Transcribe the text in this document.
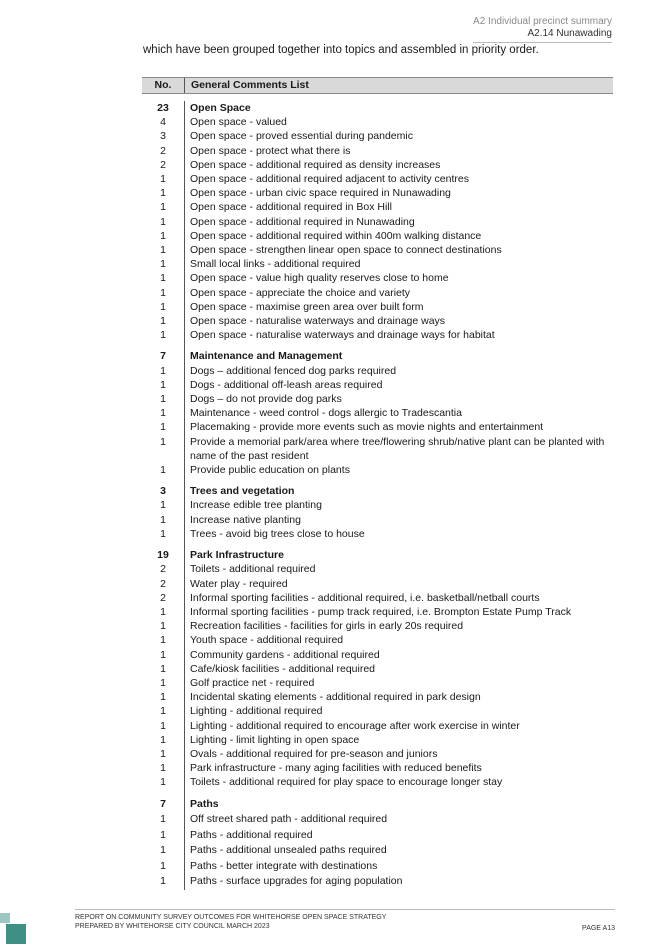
A2 Individual precinct summary
A2.14 Nunawading
which have been grouped together into topics and assembled in priority order.
No.	General Comments List
23	Open Space
4	Open space - valued
3	Open space - proved essential during pandemic
2	Open space - protect what there is
2	Open space - additional required as density increases
1	Open space - additional required adjacent to activity centres
1	Open space - urban civic space required in Nunawading
1	Open space - additional required in Box Hill
1	Open space - additional required in Nunawading
1	Open space - additional required within 400m walking distance
1	Open space - strengthen linear open space to connect destinations
1	Small local links - additional required
1	Open space - value high quality reserves close to home
1	Open space - appreciate the choice and variety
1	Open space - maximise green area over built form
1	Open space - naturalise waterways and drainage ways
1	Open space - naturalise waterways and drainage ways for habitat
7	Maintenance and Management
1	Dogs – additional fenced dog parks required
1	Dogs - additional off-leash areas required
1	Dogs – do not provide dog parks
1	Maintenance - weed control - dogs allergic to Tradescantia
1	Placemaking - provide more events such as movie nights and entertainment
1	Provide a memorial park/area where tree/flowering shrub/native plant can be planted with name of the past resident
1	Provide public education on plants
3	Trees and vegetation
1	Increase edible tree planting
1	Increase native planting
1	Trees - avoid big trees close to house
19	Park Infrastructure
2	Toilets - additional required
2	Water play - required
2	Informal sporting facilities - additional required, i.e. basketball/netball courts
1	Informal sporting facilities - pump track required, i.e. Brompton Estate Pump Track
1	Recreation facilities - facilities for girls in early 20s required
1	Youth space - additional required
1	Community gardens - additional required
1	Cafe/kiosk facilities - additional required
1	Golf practice net - required
1	Incidental skating elements - additional required in park design
1	Lighting - additional required
1	Lighting - additional required to encourage after work exercise in winter
1	Lighting - limit lighting in open space
1	Ovals - additional required for pre-season and juniors
1	Park infrastructure - many aging facilities with reduced benefits
1	Toilets - additional required for play space to encourage longer stay
7	Paths
1	Off street shared path - additional required
1	Paths - additional required
1	Paths - additional unsealed paths required
1	Paths - better integrate with destinations
1	Paths - surface upgrades for aging population
REPORT ON COMMUNITY SURVEY OUTCOMES FOR WHITEHORSE OPEN SPACE STRATEGY
PREPARED BY WHITEHORSE CITY COUNCIL MARCH 2023	PAGE A13
